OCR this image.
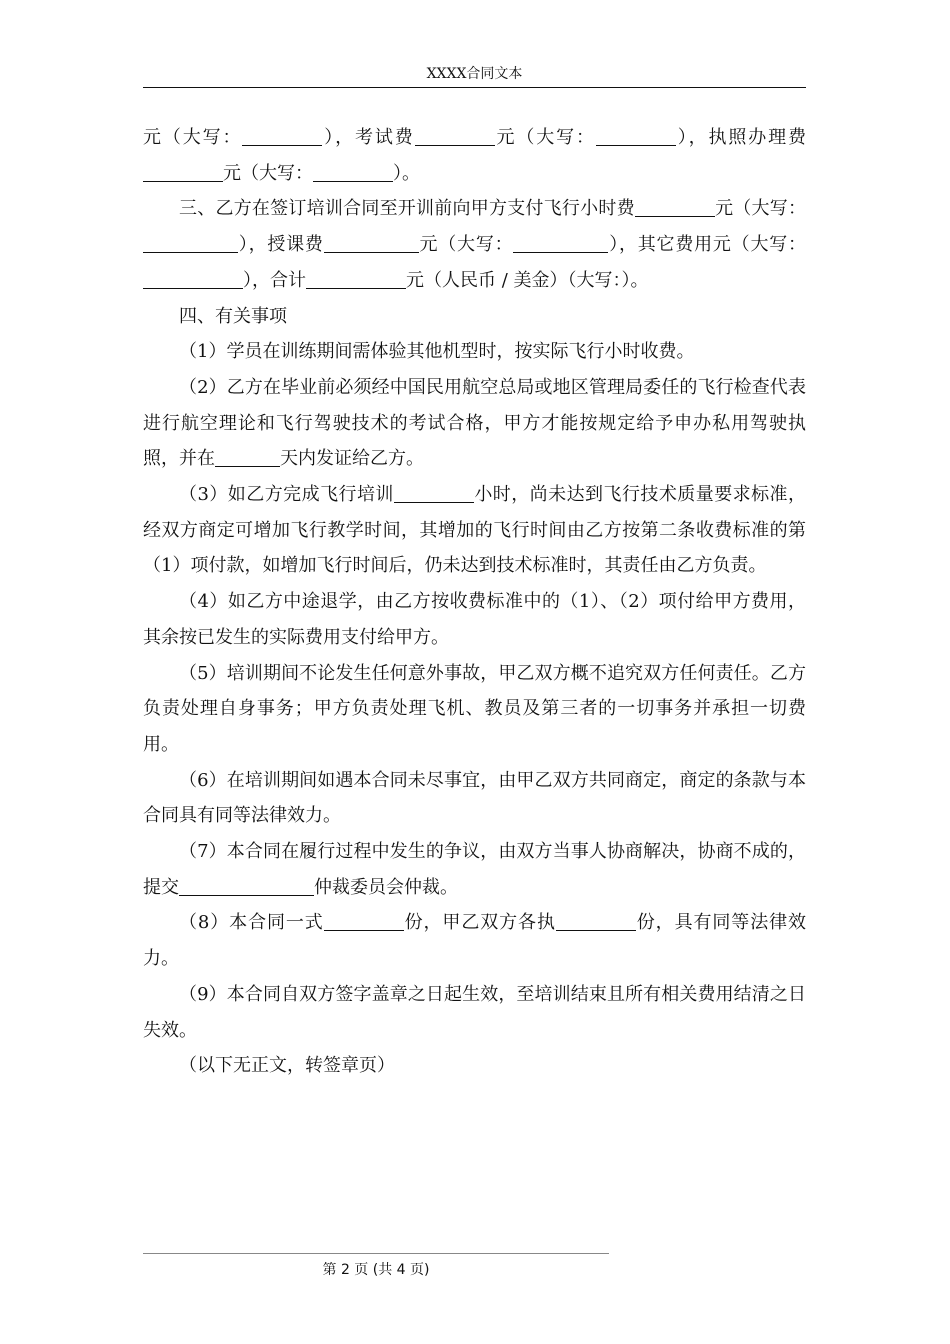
XXXX合同文本

元（大写：	），考试费	元（大写：	），执照办理费元（大写：	）。

三、乙方在签订培训合同至开训前向甲方支付飞行小时费	元（大写：），授课费	元（大写：	），其它费用元（大写：），合计	元（人民币 / 美金）（大写：）。

四、有关事项

（1）学员在训练期间需体验其他机型时，按实际飞行小时收费。

（2）乙方在毕业前必须经中国民用航空总局或地区管理局委任的飞行检查代表进行航空理论和飞行驾驶技术的考试合格，甲方才能按规定给予申办私用驾驶执照，并在	天内发证给乙方。

（3）如乙方完成飞行培训	小时，尚未达到飞行技术质量要求标准，经双方商定可增加飞行教学时间，其增加的飞行时间由乙方按第二条收费标准的第（1）项付款，如增加飞行时间后，仍未达到技术标准时，其责任由乙方负责。

（4）如乙方中途退学，由乙方按收费标准中的（1）、（2）项付给甲方费用，其余按已发生的实际费用支付给甲方。

（5）培训期间不论发生任何意外事故，甲乙双方概不追究双方任何责任。乙方负责处理自身事务；甲方负责处理飞机、教员及第三者的一切事务并承担一切费用。

（6）在培训期间如遇本合同未尽事宜，由甲乙双方共同商定，商定的条款与本合同具有同等法律效力。

（7）本合同在履行过程中发生的争议，由双方当事人协商解决，协商不成的，提交	仲裁委员会仲裁。

（8）本合同一式	份，甲乙双方各执	份，具有同等法律效力。

（9）本合同自双方签字盖章之日起生效，至培训结束且所有相关费用结清之日失效。

（以下无正文，转签章页）

第 2 页 (共 4 页)
